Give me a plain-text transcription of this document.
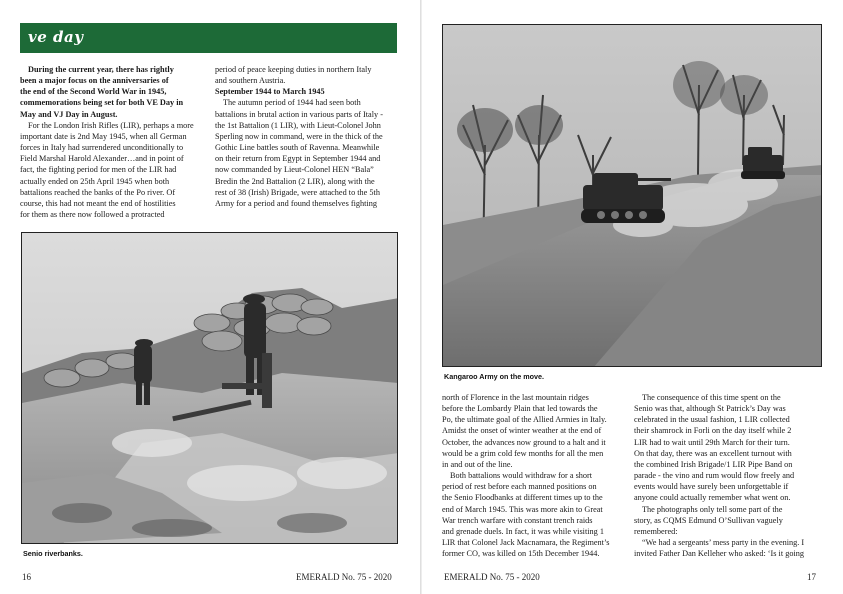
ve day

During the current year, there has rightly
been a major focus on the anniversaries of
the end of the Second World War in 1945,
commemorations being set for both VE Day in
May and VJ Day in August.

For the London Irish Rifles (LIR), perhaps a more
important date is 2nd May 1945, when all German
forces in Italy had surrendered unconditionally to
Field Marshal Harold Alexander…and in point of
fact, the fighting period for men of the LIR had
actually ended on 25th April 1945 when both
battalions reached the banks of the Po river. Of
course, this had not meant the end of hostilities
for them as there now followed a protracted

period of peace keeping duties in northern Italy
and southern Austria.

September 1944 to March 1945

The autumn period of 1944 had seen both
battalions in brutal action in various parts of Italy -
the 1st Battalion (1 LIR), with Lieut-Colonel John
Sperling now in command, were in the thick of the
Gothic Line battles south of Ravenna. Meanwhile
on their return from Egypt in September 1944 and
now commanded by Lieut-Colonel HEN “Bala”
Bredin the 2nd Battalion (2 LIR), along with the
rest of 38 (Irish) Brigade, were attached to the 5th
Army for a period and found themselves fighting

Senio riverbanks.
16	EMERALD No. 75 - 2020
Kangaroo Army on the move.

north of Florence in the last mountain ridges
before the Lombardy Plain that led towards the
Po, the ultimate goal of the Allied Armies in Italy.
Amidst the onset of winter weather at the end of
October, the advances now ground to a halt and it
would be a grim cold few months for all the men
in and out of the line.

Both battalions would withdraw for a short
period of rest before each manned positions on
the Senio Floodbanks at different times up to the
end of March 1945. This was more akin to Great
War trench warfare with constant trench raids
and grenade duels. In fact, it was while visiting 1
LIR that Colonel Jack Macnamara, the Regiment’s
former CO, was killed on 15th December 1944.

The consequence of this time spent on the
Senio was that, although St Patrick’s Day was
celebrated in the usual fashion, 1 LIR collected
their shamrock in Forli on the day itself while 2
LIR had to wait until 29th March for their turn.
On that day, there was an excellent turnout with
the combined Irish Brigade/1 LIR Pipe Band on
parade - the vino and rum would flow freely and
events would have surely been unforgettable if
anyone could actually remember what went on.

The photographs only tell some part of the
story, as CQMS Edmund O’Sullivan vaguely
remembered:

“We had a sergeants’ mess party in the evening. I
invited Father Dan Kelleher who asked: ‘Is it going

EMERALD No. 75 - 2020	17
